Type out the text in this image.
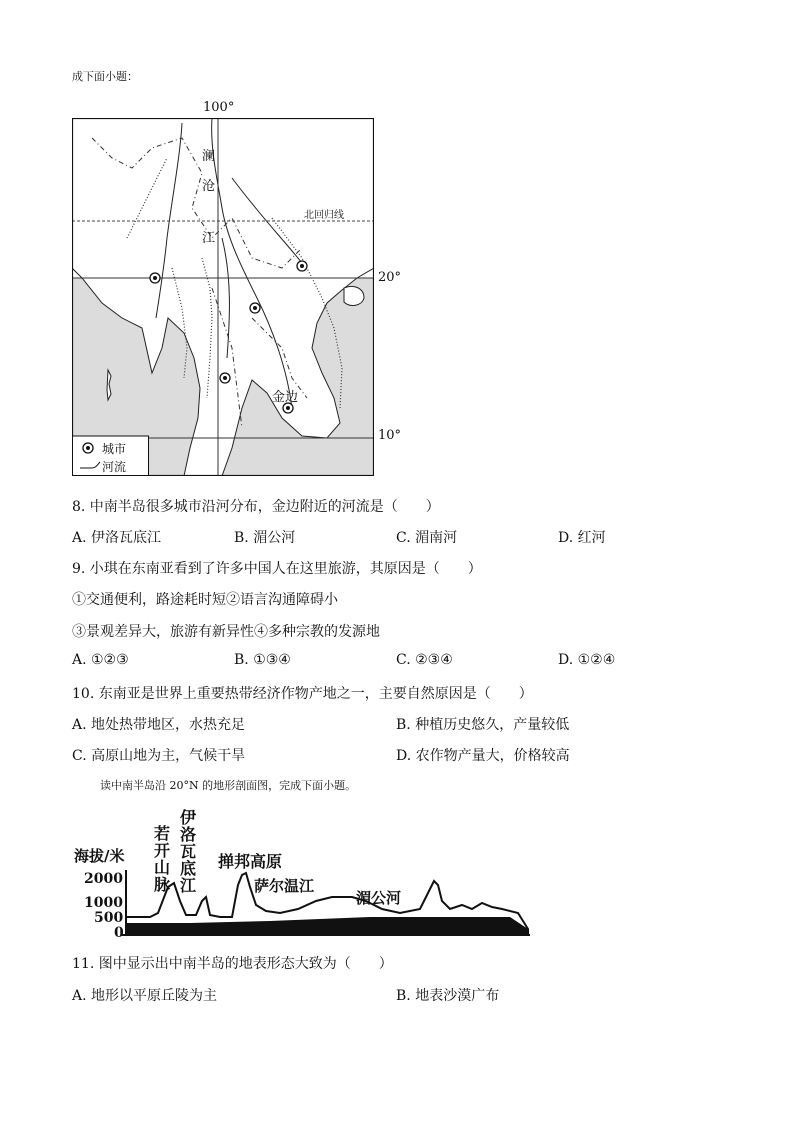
成下面小题：
100°
澜
沧
江
北回归线
金边
城市
河流
20°
10°
8. 中南半岛很多城市沿河分布，金边附近的河流是（　　）
A. 伊洛瓦底江	B. 湄公河	C. 湄南河	D. 红河
9. 小琪在东南亚看到了许多中国人在这里旅游，其原因是（　　）
①交通便利，路途耗时短②语言沟通障碍小
③景观差异大，旅游有新异性④多种宗教的发源地
A. ①②③	B. ①③④	C. ②③④	D. ①②④
10. 东南亚是世界上重要热带经济作物产地之一，主要自然原因是（　　）
A. 地处热带地区，水热充足	B. 种植历史悠久，产量较低
C. 高原山地为主，气候干旱	D. 农作物产量大，价格较高
读中南半岛沿 20°N 的地形剖面图，完成下面小题。
海拔/米
2000
1000
500
0
若开山脉
伊洛瓦底江
掸邦高原
萨尔温江
湄公河
11. 图中显示出中南半岛的地表形态大致为（　　）
A. 地形以平原丘陵为主	B. 地表沙漠广布
